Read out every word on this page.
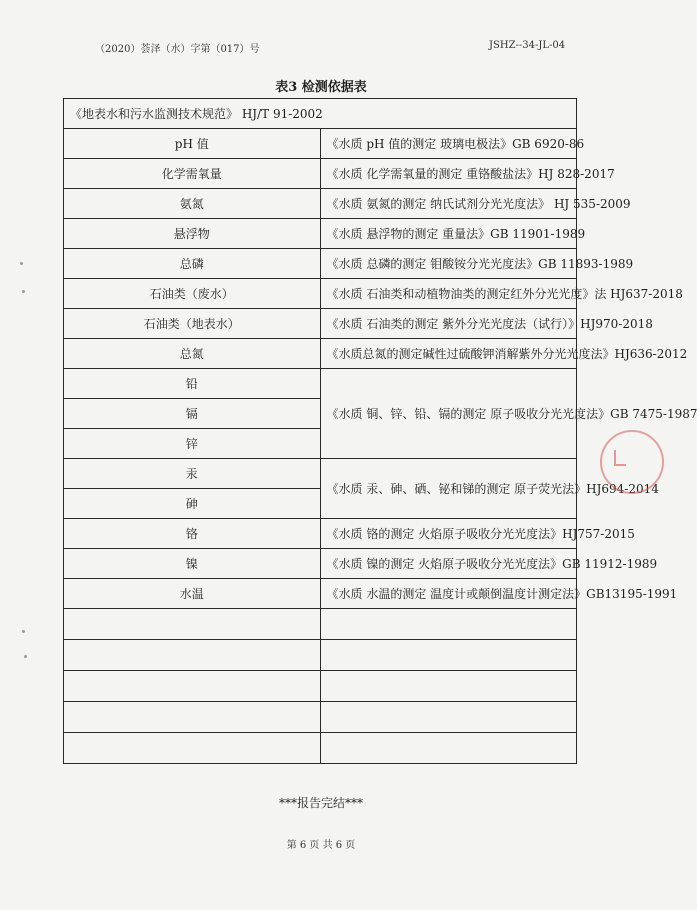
（2020）荟泽（水）字第（017）号	JSHZ--34-JL-04
表3 检测依据表
《地表水和污水监测技术规范》 HJ/T 91-2002	
pH 值	《水质 pH 值的测定 玻璃电极法》GB 6920-86
化学需氧量	《水质 化学需氧量的测定 重铬酸盐法》HJ 828-2017
氨氮	《水质 氨氮的测定 纳氏试剂分光光度法》 HJ 535-2009
悬浮物	《水质 悬浮物的测定 重量法》GB 11901-1989
总磷	《水质 总磷的测定 钼酸铵分光光度法》GB 11893-1989
石油类（废水）	《水质 石油类和动植物油类的测定红外分光光度》法 HJ637-2018
石油类（地表水）	《水质 石油类的测定 紫外分光光度法（试行）》HJ970-2018
总氮	《水质总氮的测定碱性过硫酸钾消解紫外分光光度法》HJ636-2012
铅	《水质 铜、锌、铅、镉的测定 原子吸收分光光度法》GB 7475-1987
镉	
锌	
汞	《水质 汞、砷、硒、铋和锑的测定 原子荧光法》HJ694-2014
砷	
铬	《水质 铬的测定 火焰原子吸收分光光度法》HJ757-2015
镍	《水质 镍的测定 火焰原子吸收分光光度法》GB 11912-1989
水温	《水质 水温的测定 温度计或颠倒温度计测定法》GB13195-1991

***报告完结***
第 6 页 共 6 页
